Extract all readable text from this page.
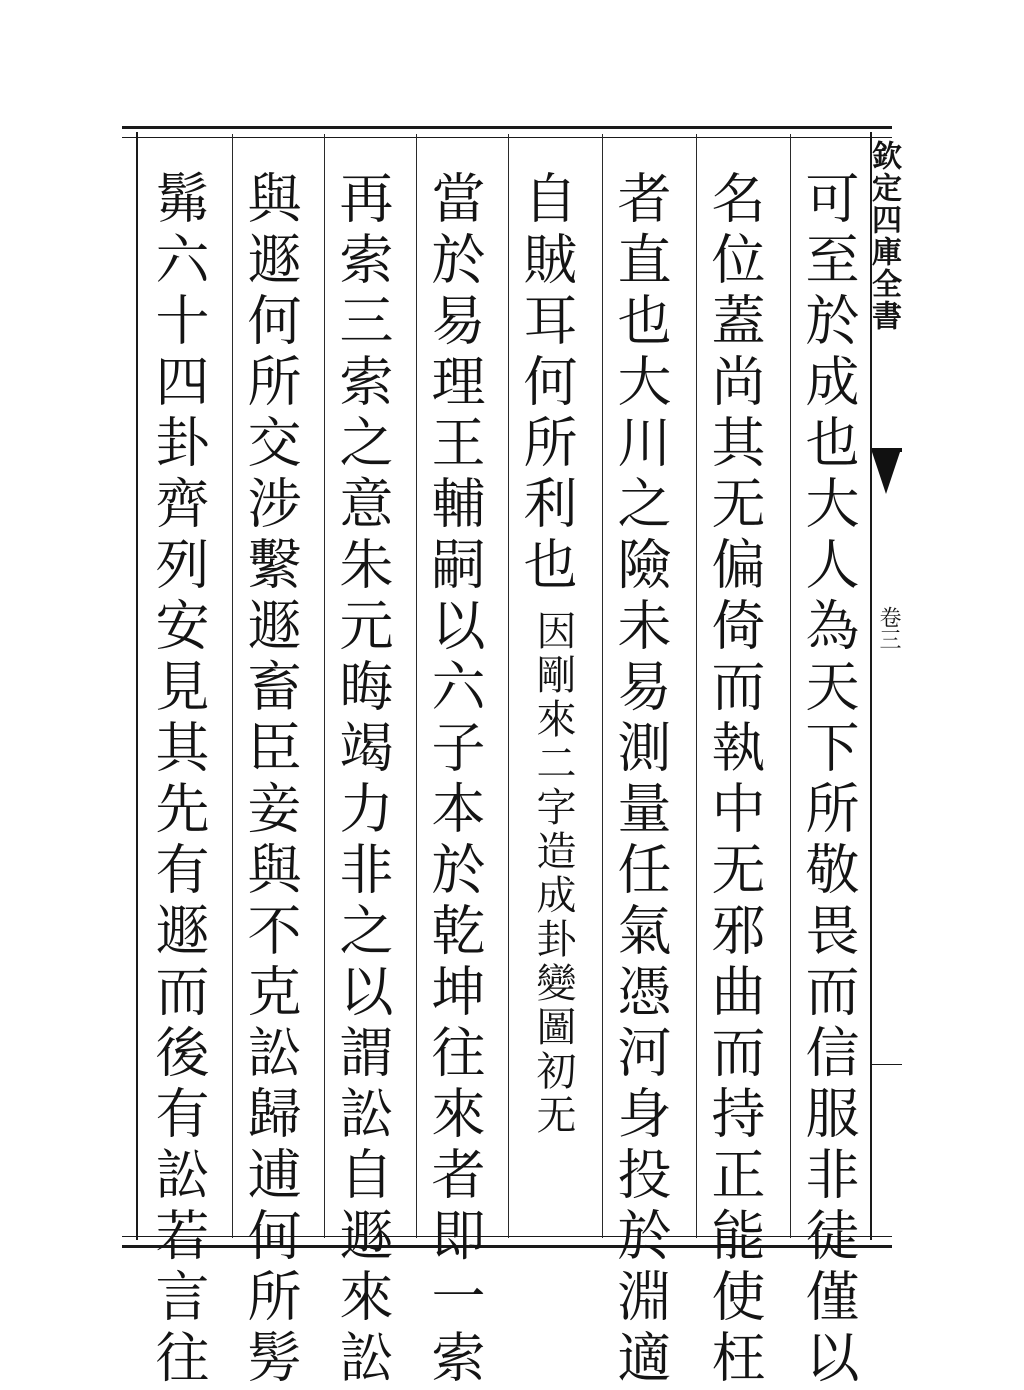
欽定四庫全書
卷三
可至於成也大人為天下所敬畏而信服非徒僅以
名位蓋尚其无偏倚而執中无邪曲而持正能使枉
者直也大川之險未易測量任氣憑河身投於淵適
自賊耳何所利也
因剛來二字造成卦變圖初无
當於易理王輔嗣以六子本於乾坤往來者即一索
再索三索之意朱元晦竭力非之以謂訟自遯來訟
與遯何所交涉繫遯畜臣妾與不克訟歸逋何所髣
髴六十四卦齊列安見其先有遯而後有訟若言往
